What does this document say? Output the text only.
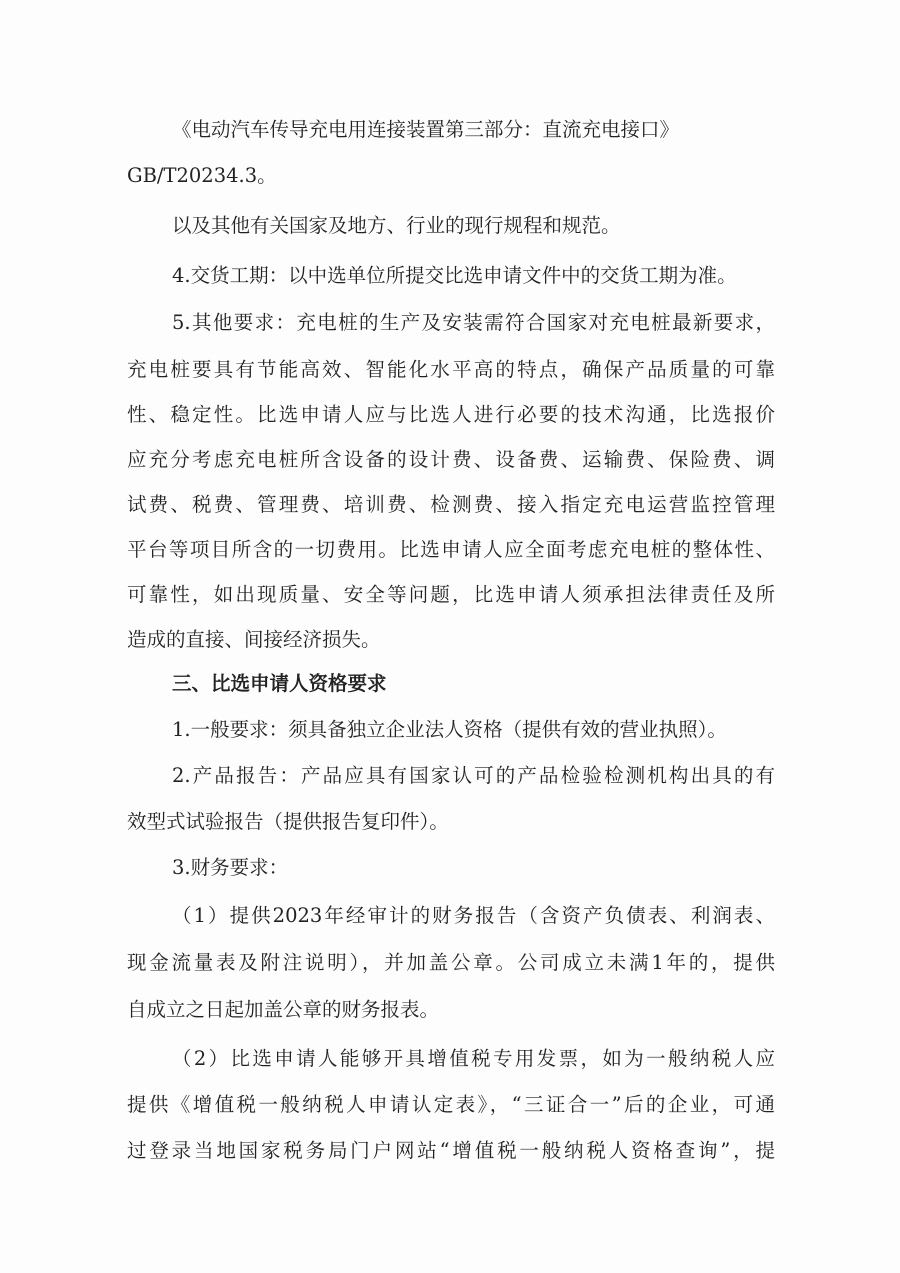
《电动汽车传导充电用连接装置第三部分：直流充电接口》
GB/T20234.3。
以及其他有关国家及地方、行业的现行规程和规范。
4.交货工期：以中选单位所提交比选申请文件中的交货工期为准。
5.其他要求：充电桩的生产及安装需符合国家对充电桩最新要求，
充电桩要具有节能高效、智能化水平高的特点，确保产品质量的可靠
性、稳定性。比选申请人应与比选人进行必要的技术沟通，比选报价
应充分考虑充电桩所含设备的设计费、设备费、运输费、保险费、调
试费、税费、管理费、培训费、检测费、接入指定充电运营监控管理
平台等项目所含的一切费用。比选申请人应全面考虑充电桩的整体性、
可靠性，如出现质量、安全等问题，比选申请人须承担法律责任及所
造成的直接、间接经济损失。
三、比选申请人资格要求
1.一般要求：须具备独立企业法人资格（提供有效的营业执照）。
2.产品报告：产品应具有国家认可的产品检验检测机构出具的有
效型式试验报告（提供报告复印件）。
3.财务要求：
（1）提供2023年经审计的财务报告（含资产负债表、利润表、
现金流量表及附注说明），并加盖公章。公司成立未满1年的，提供
自成立之日起加盖公章的财务报表。
（2）比选申请人能够开具增值税专用发票，如为一般纳税人应
提供《增值税一般纳税人申请认定表》，“三证合一”后的企业，可通
过登录当地国家税务局门户网站“增值税一般纳税人资格查询”，提
